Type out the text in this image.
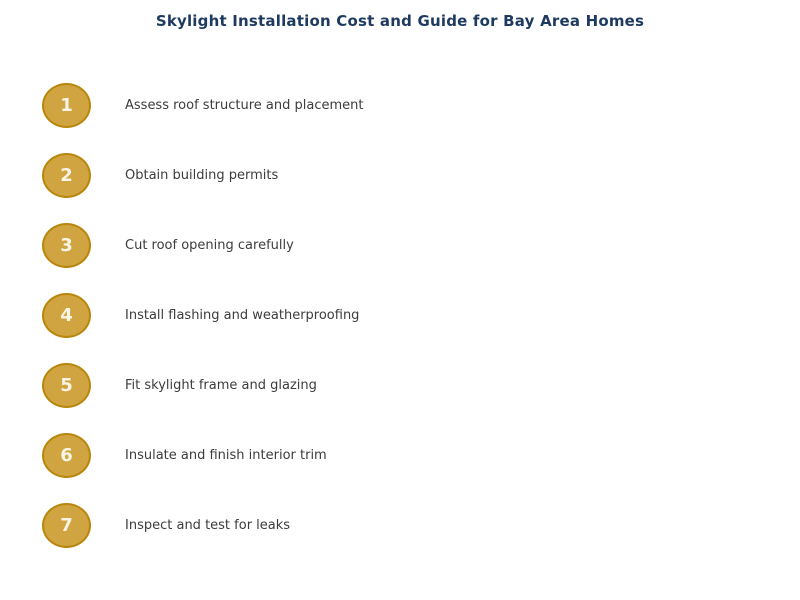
Skylight Installation Cost and Guide for Bay Area Homes
1	Assess roof structure and placement
2	Obtain building permits
3	Cut roof opening carefully
4	Install flashing and weatherproofing
5	Fit skylight frame and glazing
6	Insulate and finish interior trim
7	Inspect and test for leaks
